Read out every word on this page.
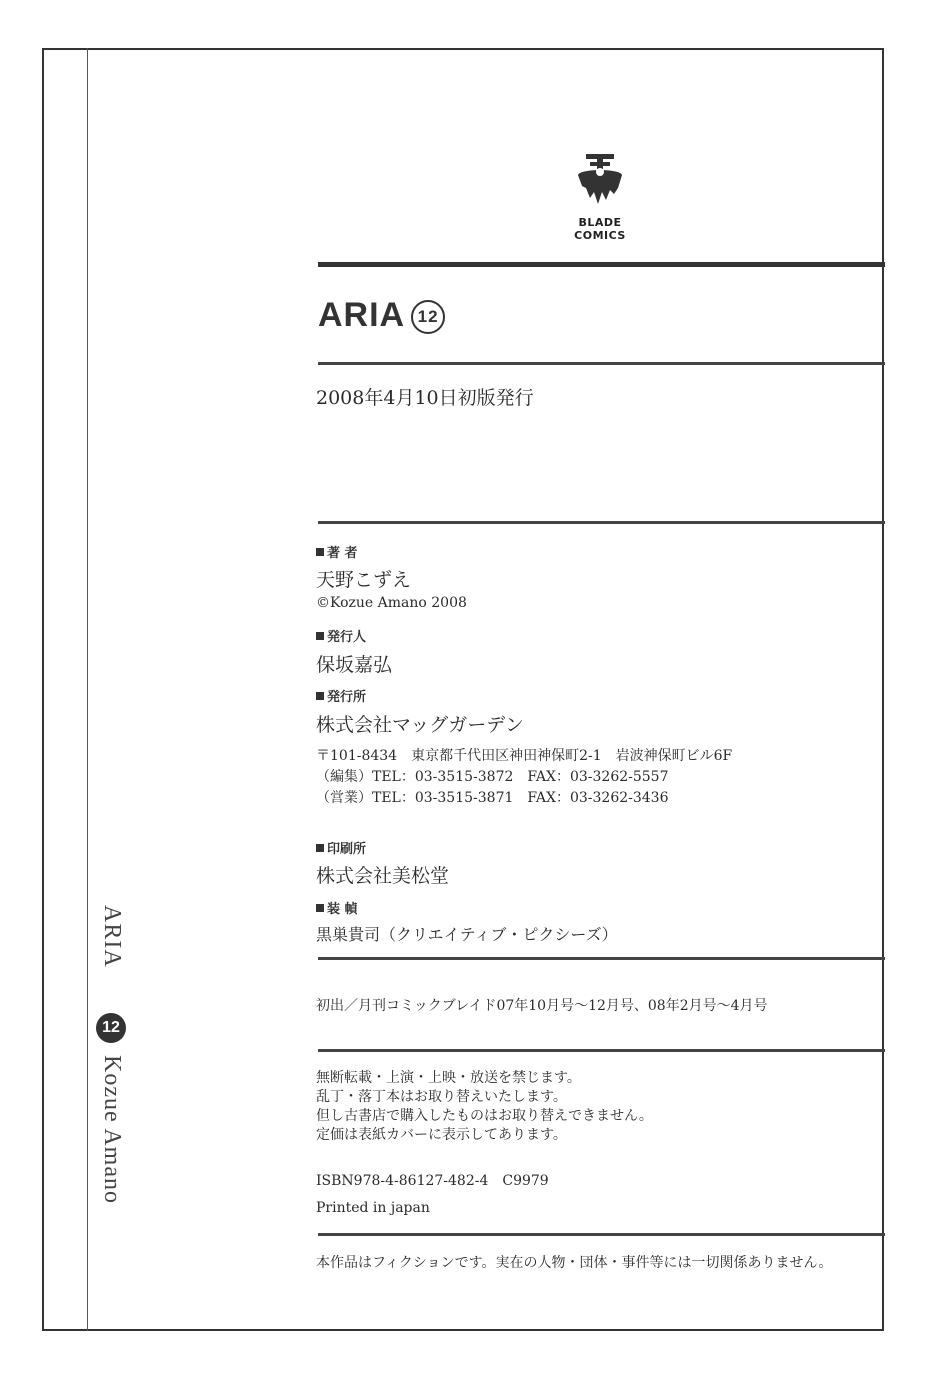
ARIA
12
Kozue Amano
BLADE
COMICS
ARIA 12
2008年4月10日初版発行
著 者
天野こずえ
©Kozue Amano 2008
発行人
保坂嘉弘
発行所
株式会社マッグガーデン
〒101-8434　東京都千代田区神田神保町2-1　岩波神保町ビル6F
（編集）TEL：03-3515-3872　FAX：03-3262-5557
（営業）TEL：03-3515-3871　FAX：03-3262-3436
印刷所
株式会社美松堂
装 幀
黒巣貴司（クリエイティブ・ピクシーズ）
初出／月刊コミックブレイド07年10月号～12月号、08年2月号～4月号
無断転載・上演・上映・放送を禁じます。
乱丁・落丁本はお取り替えいたします。
但し古書店で購入したものはお取り替えできません。
定価は表紙カバーに表示してあります。
ISBN978-4-86127-482-4　C9979
Printed in japan
本作品はフィクションです。実在の人物・団体・事件等には一切関係ありません。
